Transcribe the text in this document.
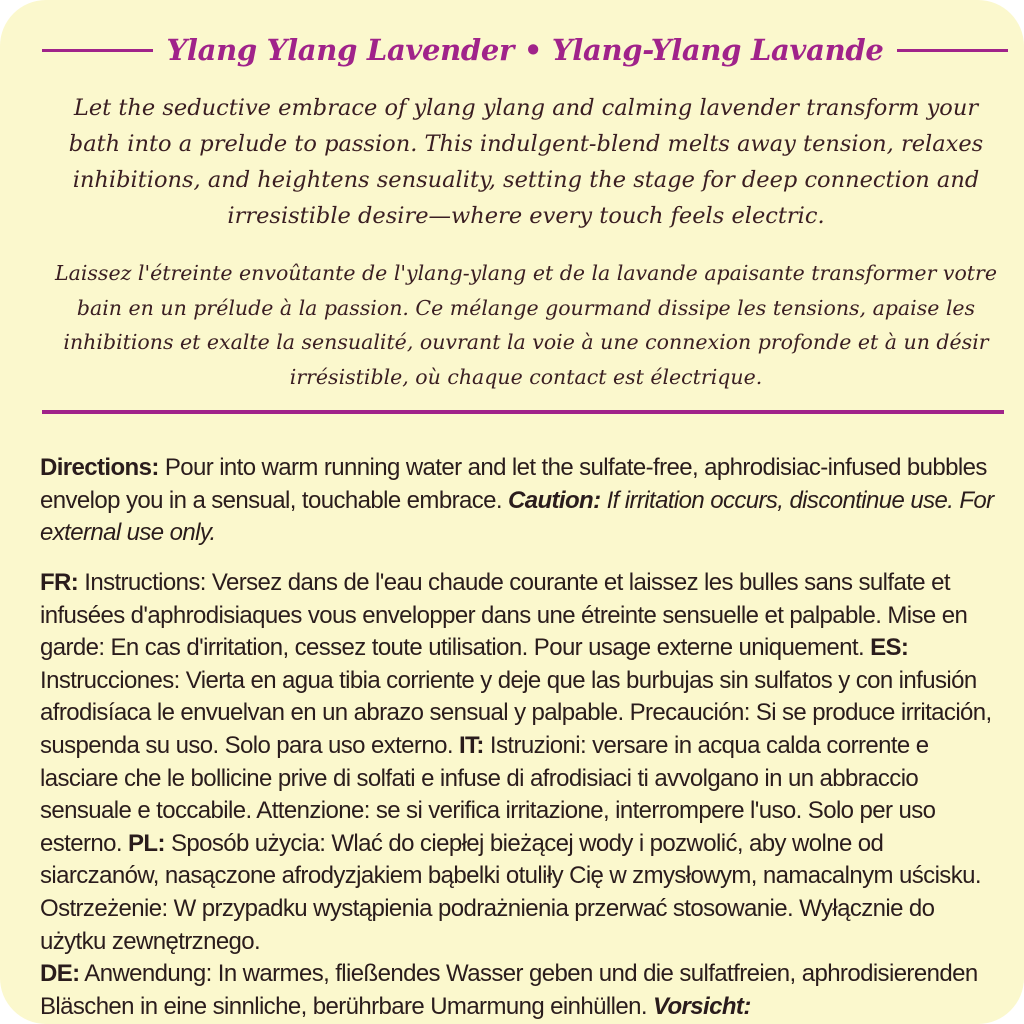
Ylang Ylang Lavender • Ylang-Ylang Lavande

Let the seductive embrace of ylang ylang and calming lavender transform your bath into a prelude to passion. This indulgent-blend melts away tension, relaxes inhibitions, and heightens sensuality, setting the stage for deep connection and irresistible desire—where every touch feels electric.

Laissez l'étreinte envoûtante de l'ylang-ylang et de la lavande apaisante transformer votre bain en un prélude à la passion. Ce mélange gourmand dissipe les tensions, apaise les inhibitions et exalte la sensualité, ouvrant la voie à une connexion profonde et à un désir irrésistible, où chaque contact est électrique.

Directions: Pour into warm running water and let the sulfate-free, aphrodisiac-infused bubbles envelop you in a sensual, touchable embrace. Caution: If irritation occurs, discontinue use. For external use only.

FR: Instructions: Versez dans de l'eau chaude courante et laissez les bulles sans sulfate et infusées d'aphrodisiaques vous envelopper dans une étreinte sensuelle et palpable. Mise en garde: En cas d'irritation, cessez toute utilisation. Pour usage externe uniquement. ES: Instrucciones: Vierta en agua tibia corriente y deje que las burbujas sin sulfatos y con infusión afrodisíaca le envuelvan en un abrazo sensual y palpable. Precaución: Si se produce irritación, suspenda su uso. Solo para uso externo. IT: Istruzioni: versare in acqua calda corrente e lasciare che le bollicine prive di solfati e infuse di afrodisiaci ti avvolgano in un abbraccio sensuale e toccabile. Attenzione: se si verifica irritazione, interrompere l'uso. Solo per uso esterno. PL: Sposób użycia: Wlać do ciepłej bieżącej wody i pozwolić, aby wolne od siarczanów, nasączone afrodyzjakiem bąbelki otuliły Cię w zmysłowym, namacalnym uścisku. Ostrzeżenie: W przypadku wystąpienia podrażnienia przerwać stosowanie. Wyłącznie do użytku zewnętrznego.
DE: Anwendung: In warmes, fließendes Wasser geben und die sulfatfreien, aphrodisierenden Bläschen in eine sinnliche, berührbare Umarmung einhüllen. Vorsicht:
